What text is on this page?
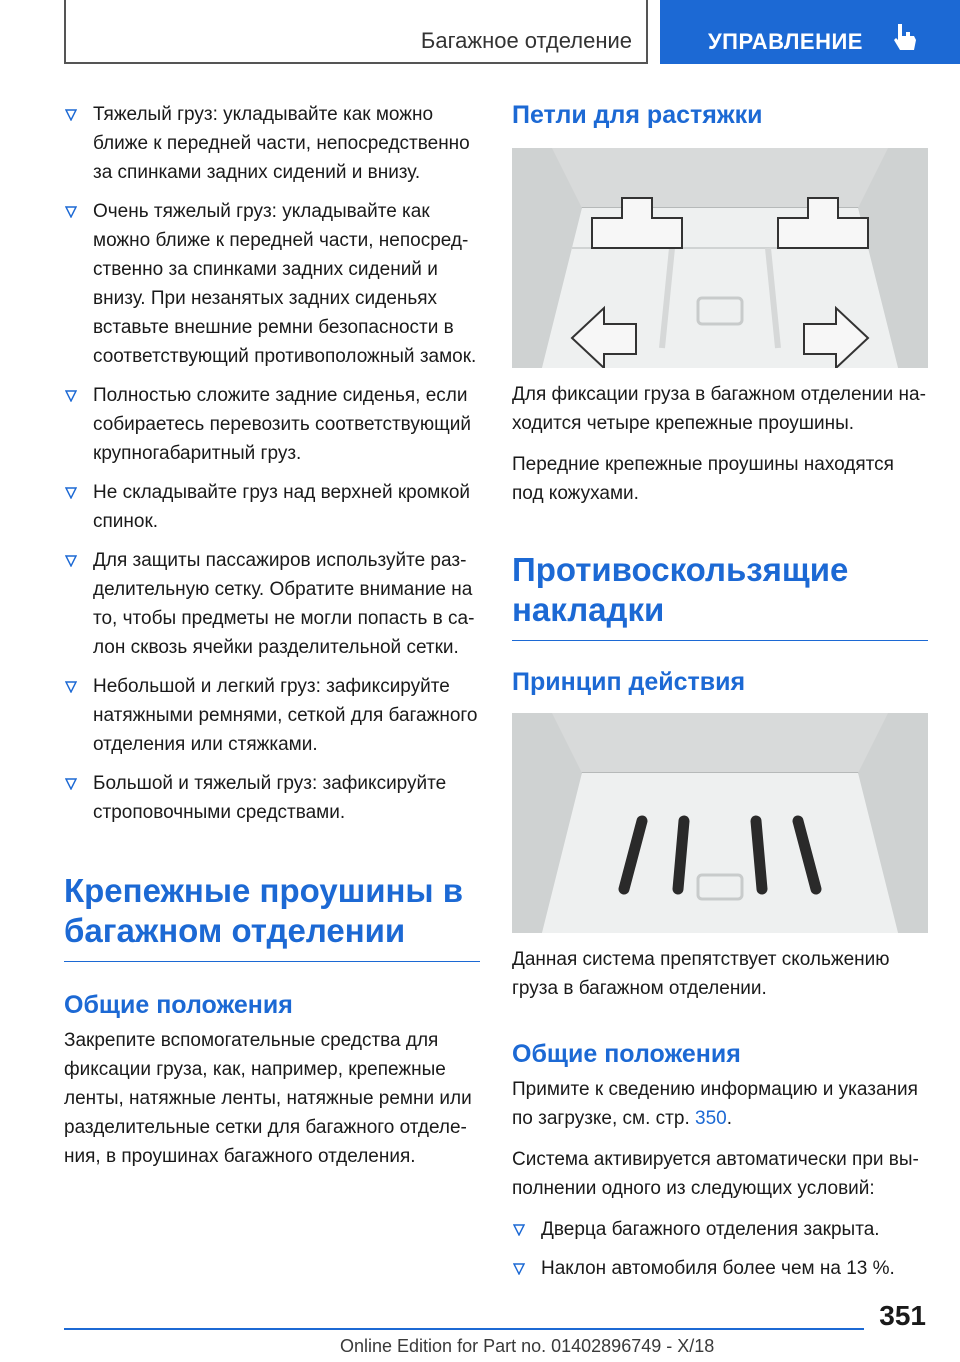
Багажное отделение	УПРАВЛЕНИЕ
Тяжелый груз: укладывайте как можно ближе к передней части, непосредственно за спинками задних сидений и внизу.
Очень тяжелый груз: укладывайте как можно ближе к передней части, непосредственно за спинками задних сидений и внизу. При незанятых задних сиденьях вставьте внешние ремни безопасности в соответствующий противоположный замок.
Полностью сложите задние сиденья, если собираетесь перевозить соответствующий крупногабаритный груз.
Не складывайте груз над верхней кромкой спинок.
Для защиты пассажиров используйте разделительную сетку. Обратите внимание на то, чтобы предметы не могли попасть в салон сквозь ячейки разделительной сетки.
Небольшой и легкий груз: зафиксируйте натяжными ремнями, сеткой для багажного отделения или стяжками.
Большой и тяжелый груз: зафиксируйте строповочными средствами.
Крепежные проушины в багажном отделении
Общие положения

Закрепите вспомогательные средства для фиксации груза, как, например, крепежные ленты, натяжные ленты, натяжные ремни или разделительные сетки для багажного отделения, в проушинах багажного отделения.

Петли для растяжки

Для фиксации груза в багажном отделении находится четыре крепежные проушины.

Передние крепежные проушины находятся под кожухами.

Противоскользящие накладки
Принцип действия

Данная система препятствует скольжению груза в багажном отделении.

Общие положения

Примите к сведению информацию и указания по загрузке, см. стр. 350.

Система активируется автоматически при выполнении одного из следующих условий:

Дверца багажного отделения закрыта.
Наклон автомобиля более чем на 13 %.
351
Online Edition for Part no. 01402896749 - X/18
